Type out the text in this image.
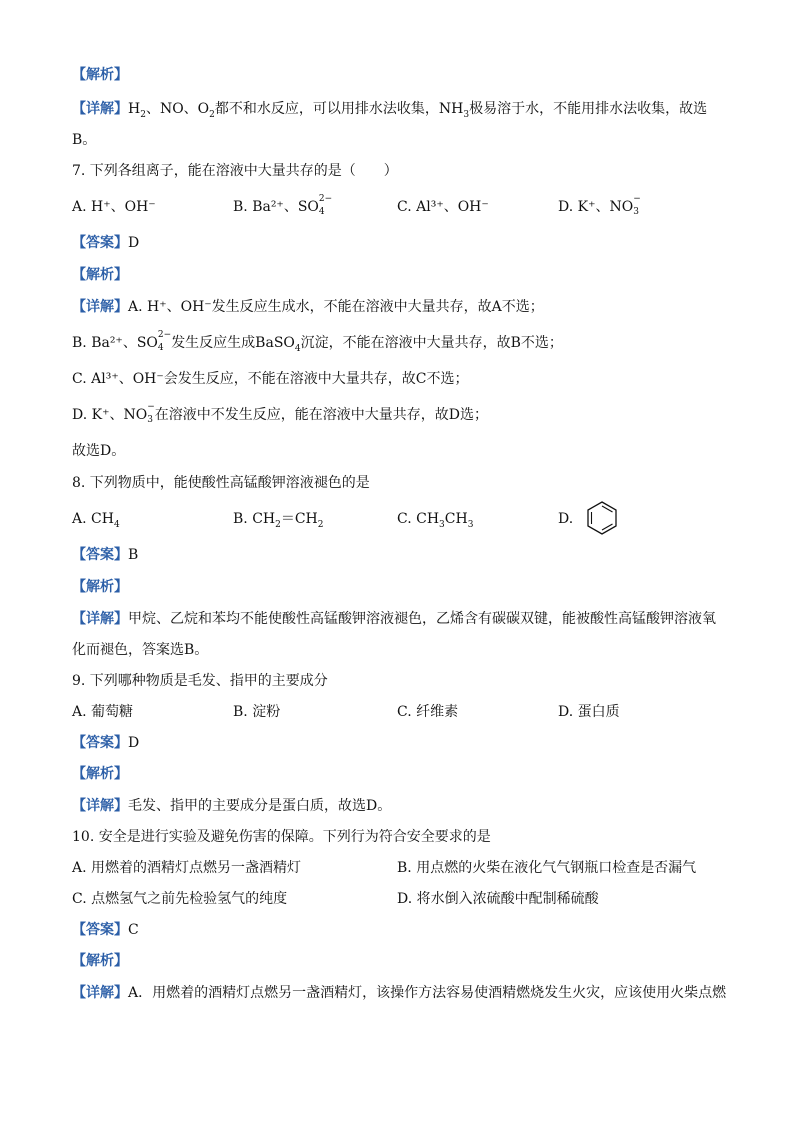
【解析】
【详解】$H_2$、NO、$O_2$都不和水反应，可以用排水法收集，$NH_3$极易溶于水，不能用排水法收集，故选
B。
7. 下列各组离子，能在溶液中大量共存的是（　　）
A. H⁺、OH⁻	B. Ba²⁺、SO 2−
4	C. Al³⁺、OH⁻	D. K⁺、NO −
3
【答案】D
【解析】
【详解】A. H⁺、OH⁻发生反应生成水，不能在溶液中大量共存，故A不选；
B. Ba²⁺、SO 2−
4 发生反应生成BaSO$_4$沉淀，不能在溶液中大量共存，故B不选；
C. Al³⁺、OH⁻会发生反应，不能在溶液中大量共存，故C不选；
D. K⁺、NO −
3 在溶液中不发生反应，能在溶液中大量共存，故D选；
故选D。
8. 下列物质中，能使酸性高锰酸钾溶液褪色的是
A. $CH_4$	B. $CH_2=CH_2$	C. $CH_3CH_3$	D.
【答案】B
【解析】
【详解】甲烷、乙烷和苯均不能使酸性高锰酸钾溶液褪色，乙烯含有碳碳双键，能被酸性高锰酸钾溶液氧
化而褪色，答案选B。
9. 下列哪种物质是毛发、指甲的主要成分
A. 葡萄糖	B. 淀粉	C. 纤维素	D. 蛋白质
【答案】D
【解析】
【详解】毛发、指甲的主要成分是蛋白质，故选D。
10. 安全是进行实验及避免伤害的保障。下列行为符合安全要求的是
A. 用燃着的酒精灯点燃另一盏酒精灯	B. 用点燃的火柴在液化气气钢瓶口检查是否漏气
C. 点燃氢气之前先检验氢气的纯度	D. 将水倒入浓硫酸中配制稀硫酸
【答案】C
【解析】
【详解】A．用燃着的酒精灯点燃另一盏酒精灯，该操作方法容易使酒精燃烧发生火灾，应该使用火柴点燃
